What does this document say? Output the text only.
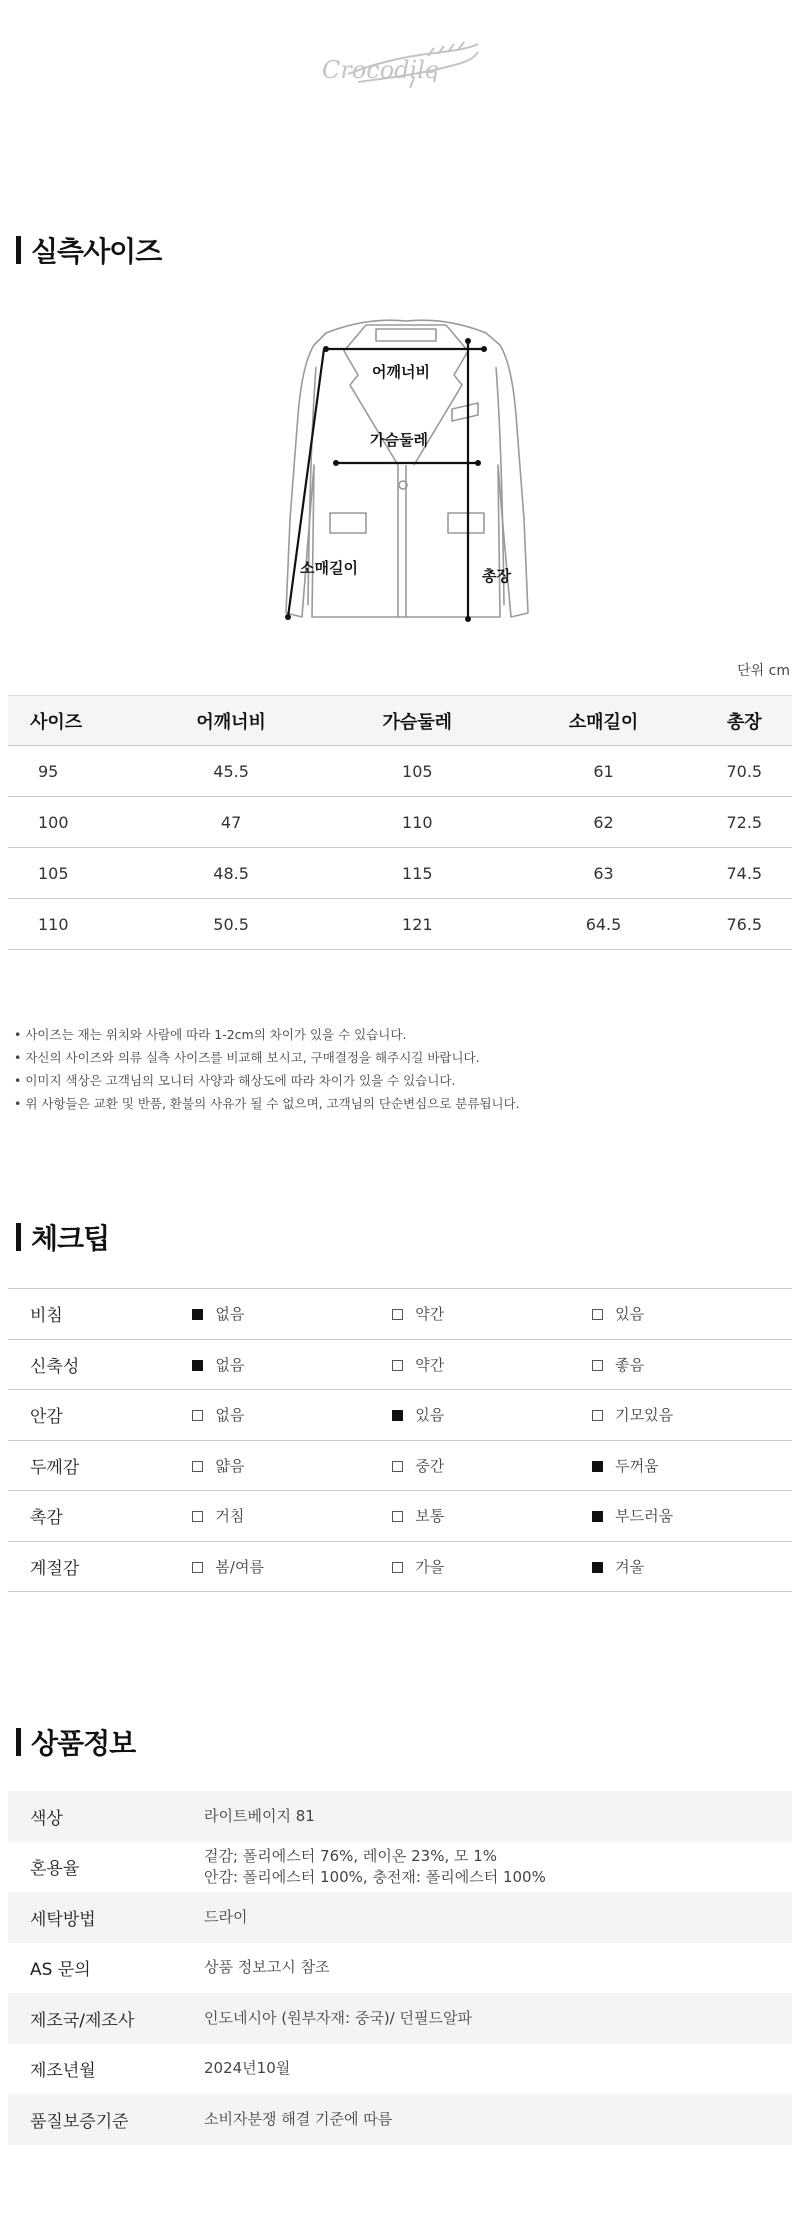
Crocodile
실측사이즈
어깨너비
가슴둘레
소매길이	총장
단위 cm
사이즈	어깨너비	가슴둘레	소매길이	총장
95	45.5	105	61	70.5
100	47	110	62	72.5
105	48.5	115	63	74.5
110	50.5	121	64.5	76.5
• 사이즈는 재는 위치와 사람에 따라 1-2cm의 차이가 있을 수 있습니다.
• 자신의 사이즈와 의류 실측 사이즈를 비교해 보시고, 구매결정을 해주시길 바랍니다.
• 이미지 색상은 고객님의 모니터 사양과 해상도에 따라 차이가 있을 수 있습니다.
• 위 사항들은 교환 및 반품, 환불의 사유가 될 수 없으며, 고객님의 단순변심으로 분류됩니다.
체크팁
비침	없음	약간	있음
신축성	없음	약간	좋음
안감	없음	있음	기모있음
두께감	얇음	중간	두꺼움
촉감	거침	보통	부드러움
계절감	봄/여름	가을	겨울
상품정보
색상	라이트베이지 81

혼용율	겉감; 폴리에스터 76%, 레이온 23%, 모 1%
안감: 폴리에스터 100%, 충전재: 폴리에스터 100%

세탁방법	드라이

AS 문의	상품 정보고시 참조

제조국/제조사	인도네시아 (원부자재: 중국)/ 던필드알파

제조년월	2024년10월

품질보증기준	소비자분쟁 해결 기준에 따름
